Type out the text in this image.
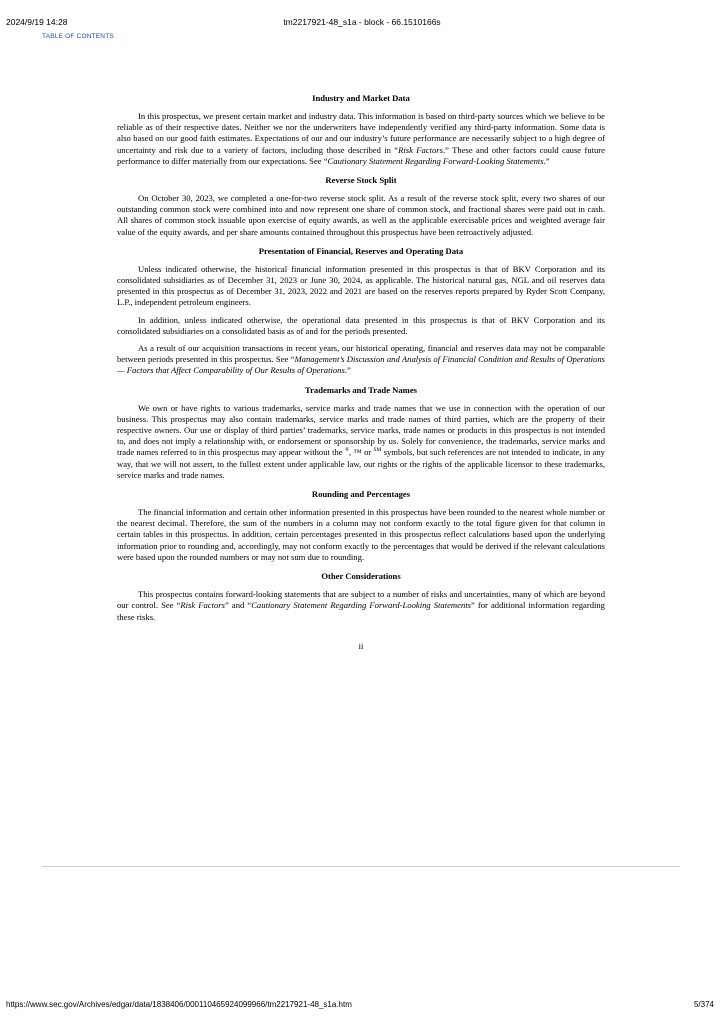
2024/9/19 14:28	tm2217921-48_s1a - block - 66.1510166s
TABLE OF CONTENTS
Industry and Market Data

In this prospectus, we present certain market and industry data. This information is based on third-party sources which we believe to be reliable as of their respective dates. Neither we nor the underwriters have independently verified any third-party information. Some data is also based on our good faith estimates. Expectations of our and our industry’s future performance are necessarily subject to a high degree of uncertainty and risk due to a variety of factors, including those described in “Risk Factors.” These and other factors could cause future performance to differ materially from our expectations. See “Cautionary Statement Regarding Forward-Looking Statements.”

Reverse Stock Split

On October 30, 2023, we completed a one-for-two reverse stock split. As a result of the reverse stock split, every two shares of our outstanding common stock were combined into and now represent one share of common stock, and fractional shares were paid out in cash. All shares of common stock issuable upon exercise of equity awards, as well as the applicable exercisable prices and weighted average fair value of the equity awards, and per share amounts contained throughout this prospectus have been retroactively adjusted.

Presentation of Financial, Reserves and Operating Data

Unless indicated otherwise, the historical financial information presented in this prospectus is that of BKV Corporation and its consolidated subsidiaries as of December 31, 2023 or June 30, 2024, as applicable. The historical natural gas, NGL and oil reserves data presented in this prospectus as of December 31, 2023, 2022 and 2021 are based on the reserves reports prepared by Ryder Scott Company, L.P., independent petroleum engineers.

In addition, unless indicated otherwise, the operational data presented in this prospectus is that of BKV Corporation and its consolidated subsidiaries on a consolidated basis as of and for the periods presented.

As a result of our acquisition transactions in recent years, our historical operating, financial and reserves data may not be comparable between periods presented in this prospectus. See “Management’s Discussion and Analysis of Financial Condition and Results of Operations — Factors that Affect Comparability of Our Results of Operations.”

Trademarks and Trade Names

We own or have rights to various trademarks, service marks and trade names that we use in connection with the operation of our business. This prospectus may also contain trademarks, service marks and trade names of third parties, which are the property of their respective owners. Our use or display of third parties’ trademarks, service marks, trade names or products in this prospectus is not intended to, and does not imply a relationship with, or endorsement or sponsorship by us. Solely for convenience, the trademarks, service marks and trade names referred to in this prospectus may appear without the ®, ™ or ℠ symbols, but such references are not intended to indicate, in any way, that we will not assert, to the fullest extent under applicable law, our rights or the rights of the applicable licensor to these trademarks, service marks and trade names.

Rounding and Percentages

The financial information and certain other information presented in this prospectus have been rounded to the nearest whole number or the nearest decimal. Therefore, the sum of the numbers in a column may not conform exactly to the total figure given for that column in certain tables in this prospectus. In addition, certain percentages presented in this prospectus reflect calculations based upon the underlying information prior to rounding and, accordingly, may not conform exactly to the percentages that would be derived if the relevant calculations were based upon the rounded numbers or may not sum due to rounding.

Other Considerations

This prospectus contains forward-looking statements that are subject to a number of risks and uncertainties, many of which are beyond our control. See “Risk Factors” and “Cautionary Statement Regarding Forward-Looking Statements” for additional information regarding these risks.

ii
https://www.sec.gov/Archives/edgar/data/1838406/000110465924099966/tm2217921-48_s1a.htm	5/374
